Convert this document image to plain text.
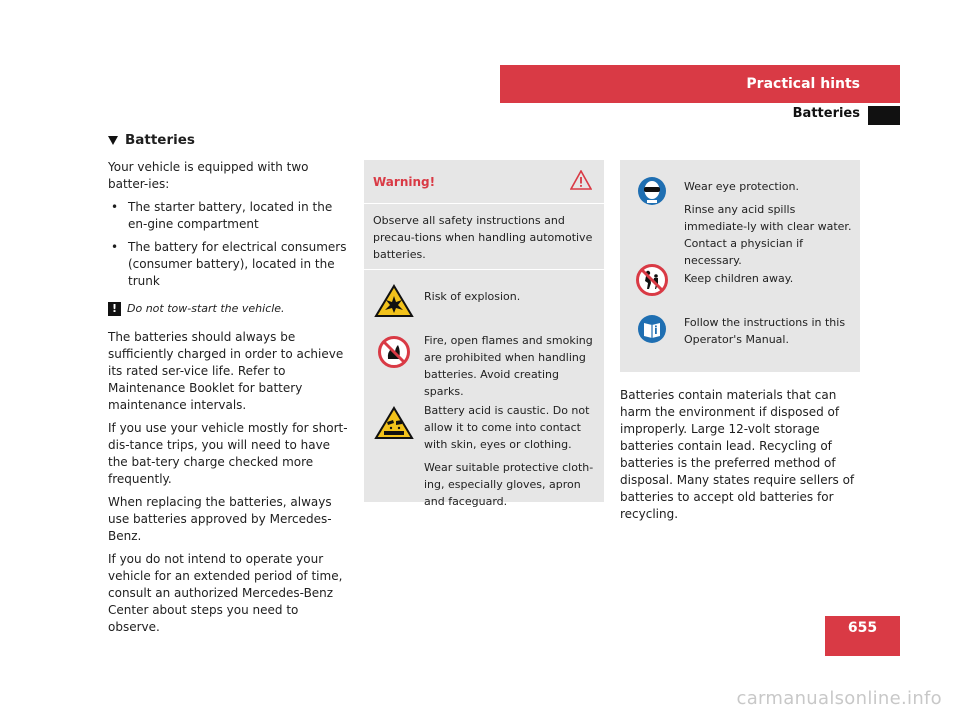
Practical hints
Batteries
Batteries

Your vehicle is equipped with two batter-ies:

• The starter battery, located in the en-gine compartment
• The battery for electrical consumers (consumer battery), located in the trunk
! Do not tow-start the vehicle.

The batteries should always be sufficiently charged in order to achieve its rated ser-vice life. Refer to Maintenance Booklet for battery maintenance intervals.

If you use your vehicle mostly for short-dis-tance trips, you will need to have the bat-tery charge checked more frequently.

When replacing the batteries, always use batteries approved by Mercedes-Benz.

If you do not intend to operate your vehicle for an extended period of time, consult an authorized Mercedes-Benz Center about steps you need to observe.

Warning!
Observe all safety instructions and precau-tions when handling automotive batteries.
Risk of explosion.
Fire, open flames and smoking are prohibited when handling batteries. Avoid creating sparks.

Battery acid is caustic. Do not allow it to come into contact with skin, eyes or clothing.

Wear suitable protective cloth-ing, especially gloves, apron and faceguard.

Wear eye protection.

Rinse any acid spills immediate-ly with clear water. Contact a physician if necessary.

Keep children away.
Follow the instructions in this Operator's Manual.

Batteries contain materials that can harm the environment if disposed of improperly. Large 12-volt storage batteries contain lead. Recycling of batteries is the preferred method of disposal. Many states require sellers of batteries to accept old batteries for recycling.

655
carmanualsonline.info
